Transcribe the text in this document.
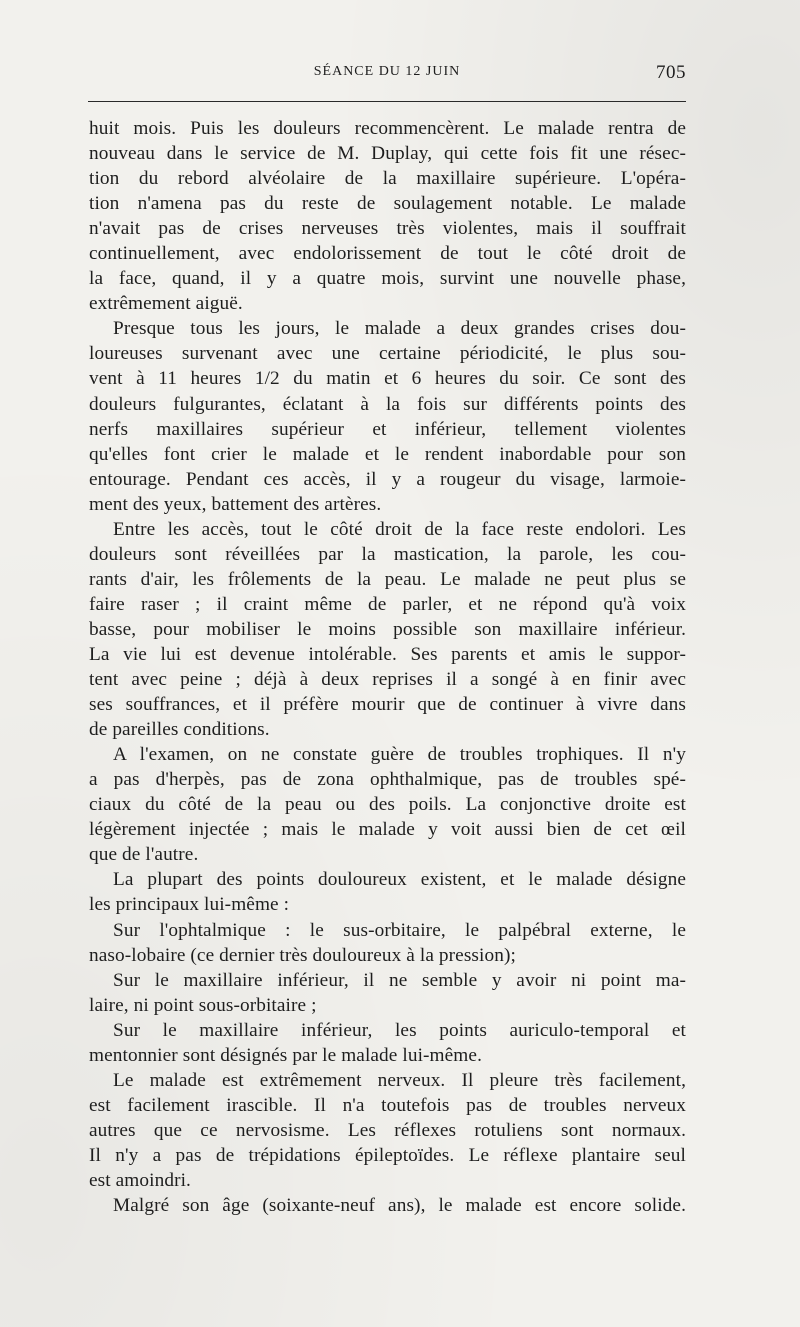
SÉANCE DU 12 JUIN	705
huit mois. Puis les douleurs recommencèrent. Le malade rentra de
nouveau dans le service de M. Duplay, qui cette fois fit une résec-
tion du rebord alvéolaire de la maxillaire supérieure. L'opéra-
tion n'amena pas du reste de soulagement notable. Le malade
n'avait pas de crises nerveuses très violentes, mais il souffrait
continuellement, avec endolorissement de tout le côté droit de
la face, quand, il y a quatre mois, survint une nouvelle phase,
extrêmement aiguë.
Presque tous les jours, le malade a deux grandes crises dou-
loureuses survenant avec une certaine périodicité, le plus sou-
vent à 11 heures 1/2 du matin et 6 heures du soir. Ce sont des
douleurs fulgurantes, éclatant à la fois sur différents points des
nerfs maxillaires supérieur et inférieur, tellement violentes
qu'elles font crier le malade et le rendent inabordable pour son
entourage. Pendant ces accès, il y a rougeur du visage, larmoie-
ment des yeux, battement des artères.
Entre les accès, tout le côté droit de la face reste endolori. Les
douleurs sont réveillées par la mastication, la parole, les cou-
rants d'air, les frôlements de la peau. Le malade ne peut plus se
faire raser ; il craint même de parler, et ne répond qu'à voix
basse, pour mobiliser le moins possible son maxillaire inférieur.
La vie lui est devenue intolérable. Ses parents et amis le suppor-
tent avec peine ; déjà à deux reprises il a songé à en finir avec
ses souffrances, et il préfère mourir que de continuer à vivre dans
de pareilles conditions.
A l'examen, on ne constate guère de troubles trophiques. Il n'y
a pas d'herpès, pas de zona ophthalmique, pas de troubles spé-
ciaux du côté de la peau ou des poils. La conjonctive droite est
légèrement injectée ; mais le malade y voit aussi bien de cet œil
que de l'autre.
La plupart des points douloureux existent, et le malade désigne
les principaux lui-même :
Sur l'ophtalmique : le sus-orbitaire, le palpébral externe, le
naso-lobaire (ce dernier très douloureux à la pression);
Sur le maxillaire inférieur, il ne semble y avoir ni point ma-
laire, ni point sous-orbitaire ;
Sur le maxillaire inférieur, les points auriculo-temporal et
mentonnier sont désignés par le malade lui-même.
Le malade est extrêmement nerveux. Il pleure très facilement,
est facilement irascible. Il n'a toutefois pas de troubles nerveux
autres que ce nervosisme. Les réflexes rotuliens sont normaux.
Il n'y a pas de trépidations épileptoïdes. Le réflexe plantaire seul
est amoindri.
Malgré son âge (soixante-neuf ans), le malade est encore solide.
